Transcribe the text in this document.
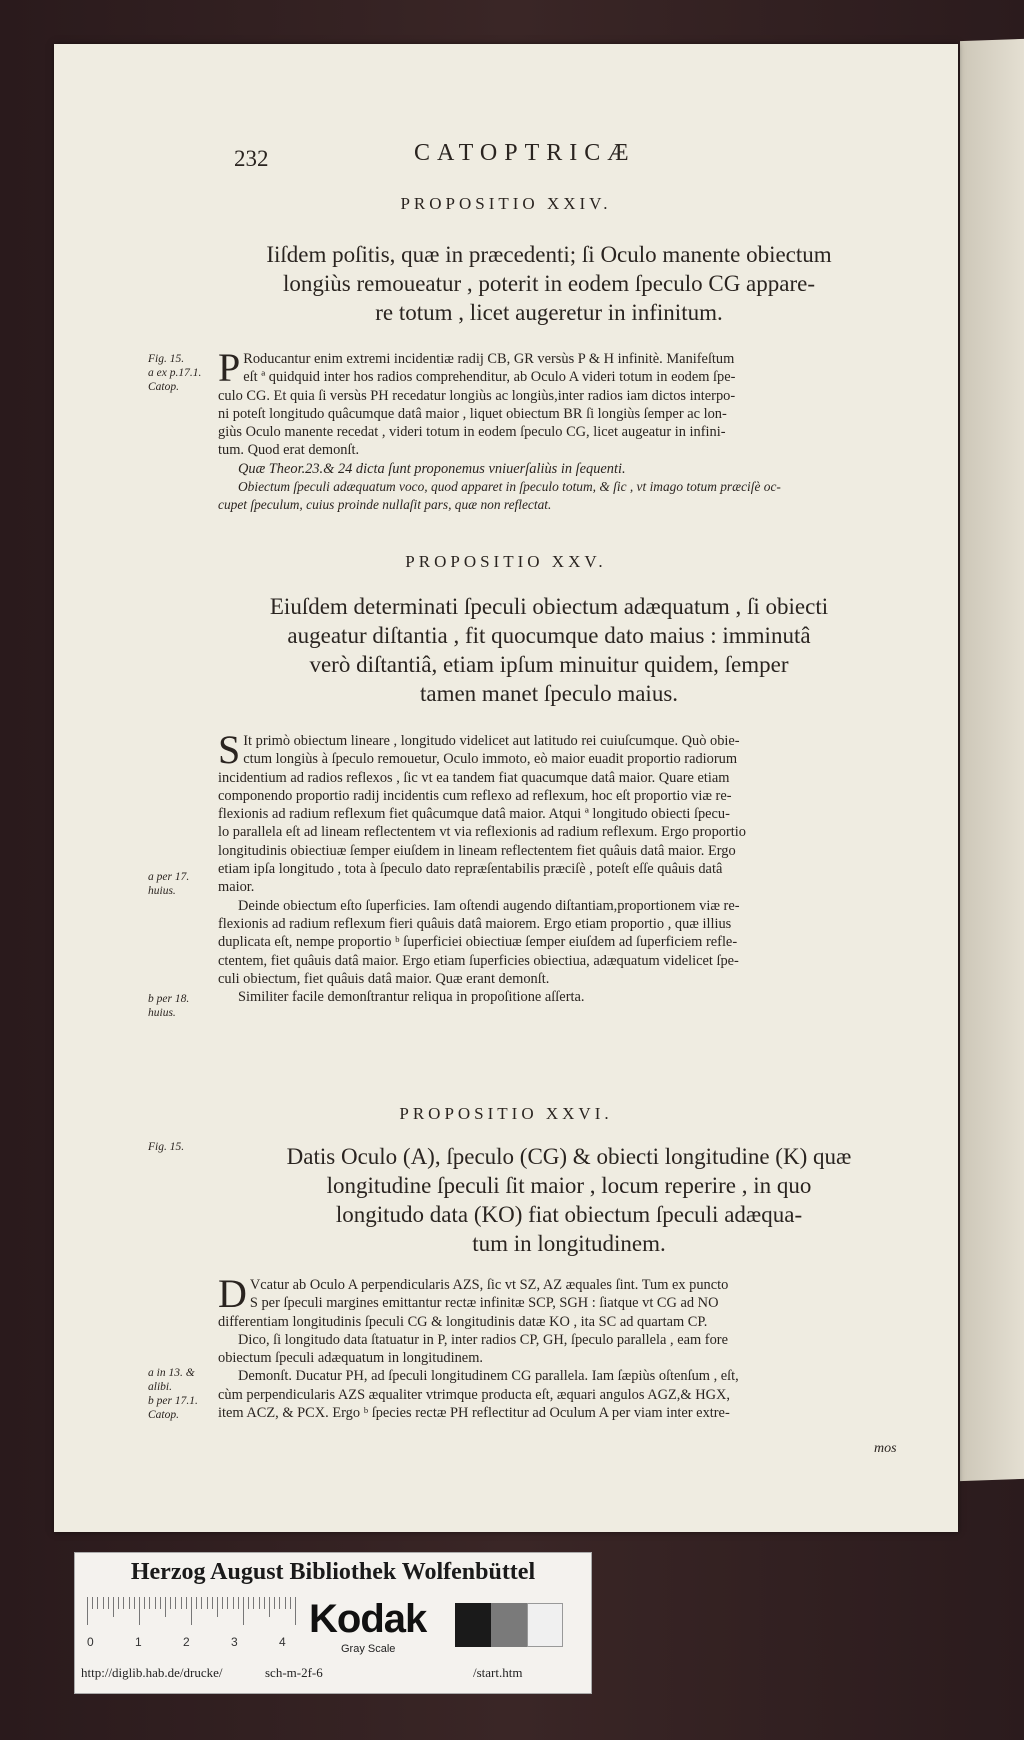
232	CATOPTRICÆ
PROPOSITIO XXIV.
Iiſdem poſitis, quæ in præcedenti; ſi Oculo manente obiectum
longiùs remoueatur , poterit in eodem ſpeculo CG appare-
re totum , licet augeretur in infinitum.
Fig. 15.
a ex p.17.1.
Catop. P Roducantur enim extremi incidentiæ radij CB, GR versùs P & H infinitè. Manifeſtum
eſt ª quidquid inter hos radios comprehenditur, ab Oculo A videri totum in eodem ſpe-
culo CG. Et quia ſi versùs PH recedatur longiùs ac longiùs,inter radios iam dictos interpo-
ni poteſt longitudo quâcumque datâ maior , liquet obiectum BR ſi longiùs ſemper ac lon-
giùs Oculo manente recedat , videri totum in eodem ſpeculo CG, licet augeatur in infini-
tum. Quod erat demonſt.
Quæ Theor.23.& 24 dicta ſunt proponemus vniuerſaliùs in ſequenti.
Obiectum ſpeculi adæquatum voco, quod apparet in ſpeculo totum, & ſic , vt imago totum præciſè oc-
cupet ſpeculum, cuius proinde nullaſit pars, quæ non reflectat.
PROPOSITIO XXV.
Eiuſdem determinati ſpeculi obiectum adæquatum , ſi obiecti
augeatur diſtantia , fit quocumque dato maius : imminutâ
verò diſtantiâ, etiam ipſum minuitur quidem, ſemper
tamen manet ſpeculo maius.
S It primò obiectum lineare , longitudo videlicet aut latitudo rei cuiuſcumque. Quò obie-
ctum longiùs à ſpeculo remouetur, Oculo immoto, eò maior euadit proportio radiorum
incidentium ad radios reflexos , ſic vt ea tandem fiat quacumque datâ maior. Quare etiam
componendo proportio radij incidentis cum reflexo ad reflexum, hoc eſt proportio viæ re-
flexionis ad radium reflexum fiet quâcumque datâ maior. Atqui ª longitudo obiecti ſpecu-
lo parallela eſt ad lineam reflectentem vt via reflexionis ad radium reflexum. Ergo proportio
longitudinis obiectiuæ ſemper eiuſdem in lineam reflectentem fiet quâuis datâ maior. Ergo
etiam ipſa longitudo , tota à ſpeculo dato repræſentabilis præciſè , poteſt eſſe quâuis datâ
maior.
Deinde obiectum eſto ſuperficies. Iam oſtendi augendo diſtantiam,proportionem viæ re-
flexionis ad radium reflexum fieri quâuis datâ maiorem. Ergo etiam proportio , quæ illius
duplicata eſt, nempe proportio ᵇ ſuperficiei obiectiuæ ſemper eiuſdem ad ſuperficiem refle-
ctentem, fiet quâuis datâ maior. Ergo etiam ſuperficies obiectiua, adæquatum videlicet ſpe-
culi obiectum, fiet quâuis datâ maior. Quæ erant demonſt.
Similiter facile demonſtrantur reliqua in propoſitione aſſerta.
a per 17.
huius.
b per 18.
huius.
PROPOSITIO XXVI.
Fig. 15.	Datis Oculo (A), ſpeculo (CG) & obiecti longitudine (K) quæ
longitudine ſpeculi ſit maior , locum reperire , in quo
longitudo data (KO) fiat obiectum ſpeculi adæqua-
tum in longitudinem.
D Vcatur ab Oculo A perpendicularis AZS, ſic vt SZ, AZ æquales ſint. Tum ex puncto
S per ſpeculi margines emittantur rectæ infinitæ SCP, SGH : ſiatque vt CG ad NO
differentiam longitudinis ſpeculi CG & longitudinis datæ KO , ita SC ad quartam CP.
Dico, ſi longitudo data ſtatuatur in P, inter radios CP, GH, ſpeculo parallela , eam fore
obiectum ſpeculi adæquatum in longitudinem.
Demonſt. Ducatur PH, ad ſpeculi longitudinem CG parallela. Iam ſæpiùs oſtenſum , eſt,
cùm perpendicularis AZS æqualiter vtrimque producta eſt, æquari angulos AGZ,& HGX,
item ACZ, & PCX. Ergo ᵇ ſpecies rectæ PH reflectitur ad Oculum A per viam inter extre-
a in 13. &
alibi.
b per 17.1.
Catop.
mos
Herzog August Bibliothek Wolfenbüttel
0	1	2	3	4
Kodak
Gray Scale
http://diglib.hab.de/drucke/	sch-m-2f-6	/start.htm
